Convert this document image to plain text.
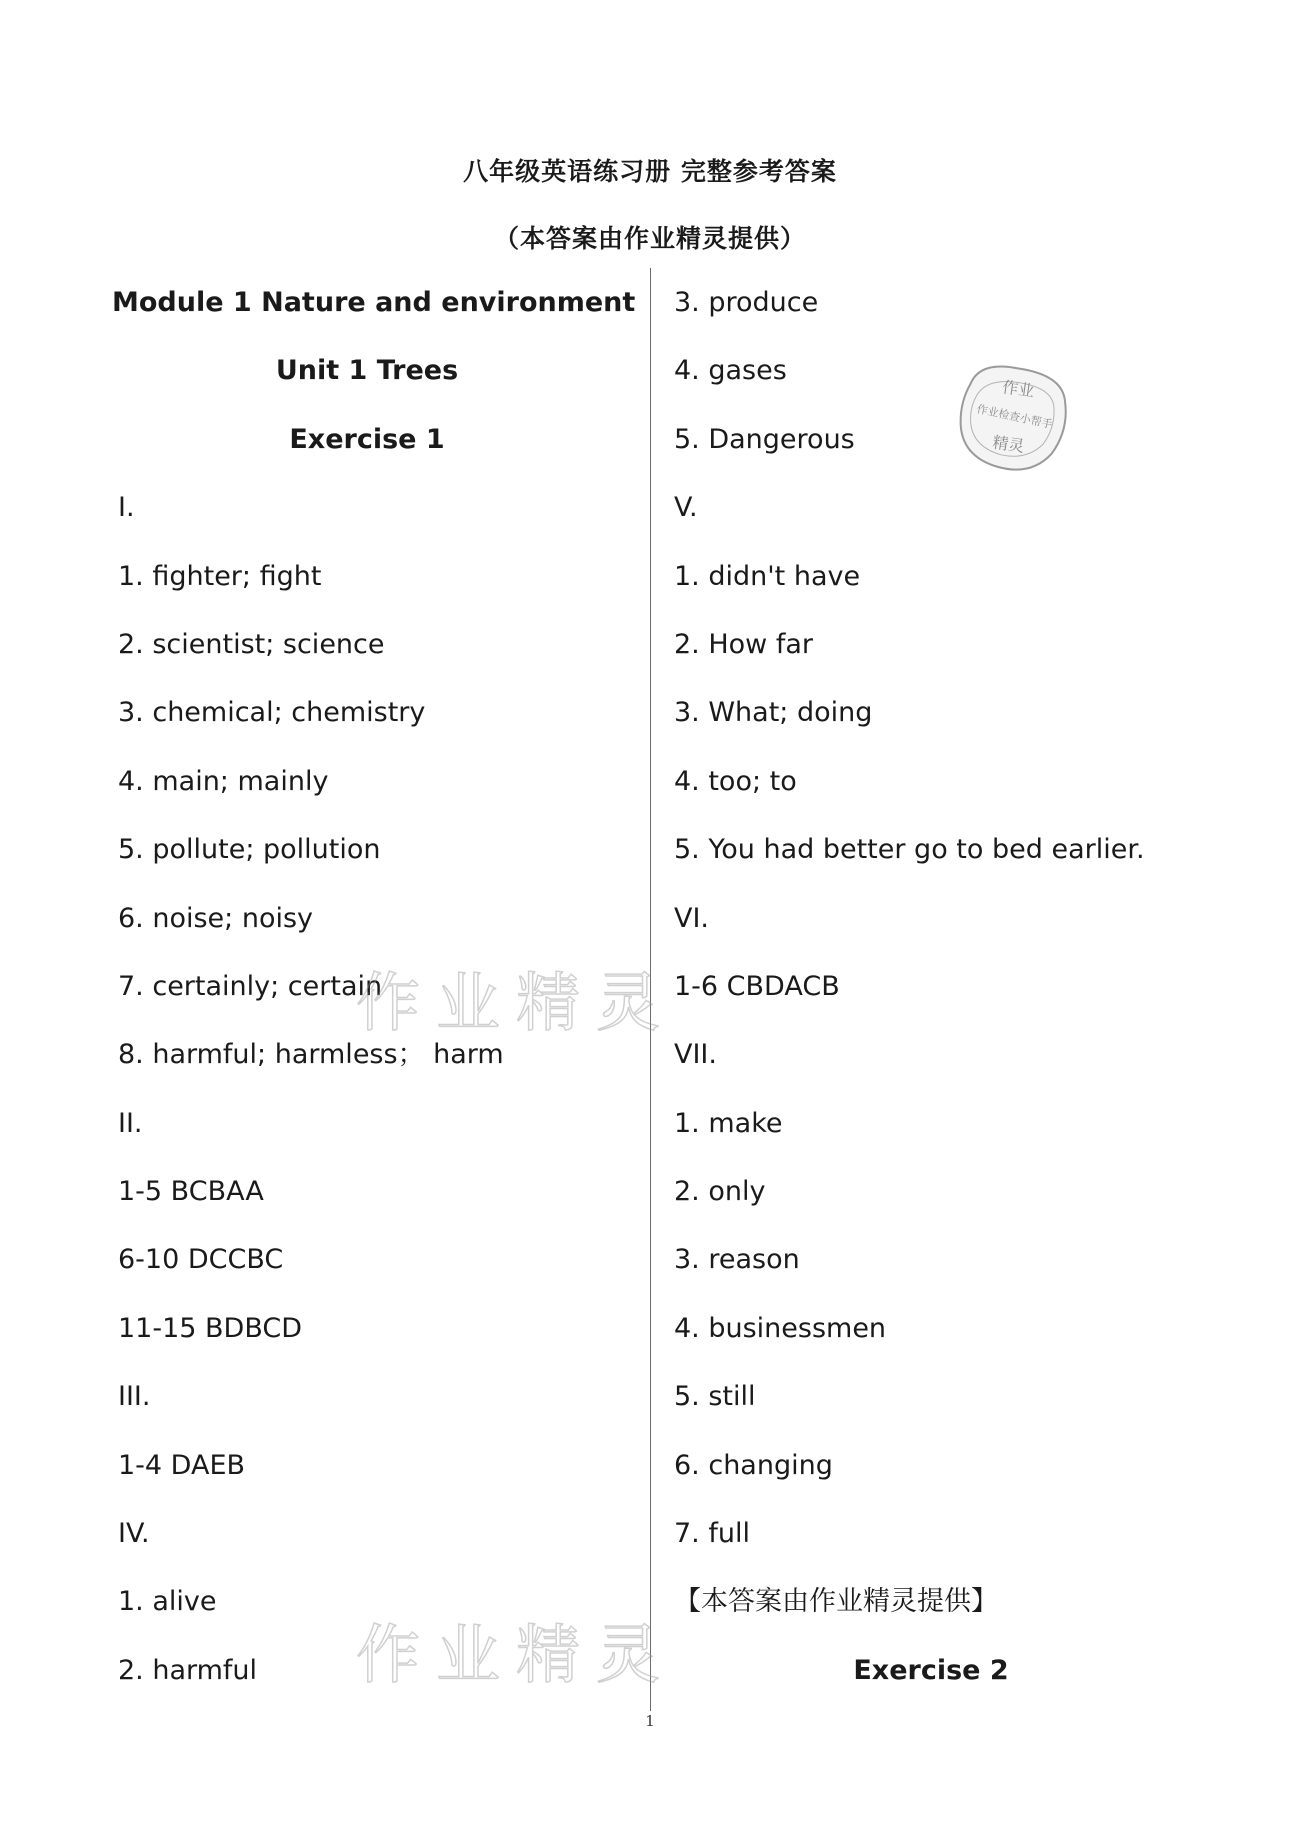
八年级英语练习册 完整参考答案
（本答案由作业精灵提供）
Module 1 Nature and environment
Unit 1 Trees
Exercise 1
Ⅰ.
1. fighter; fight
2. scientist; science
3. chemical; chemistry
4. main; mainly
5. pollute; pollution
6. noise; noisy
7. certainly; certain
8. harmful; harmless； harm
II.
1-5 BCBAA
6-10 DCCBC
11-15 BDBCD
III.
1-4 DAEB
IV.
1. alive
2. harmful
3. produce
4. gases
5. Dangerous
V.
1. didn't have
2. How far
3. What; doing
4. too; to
5. You had better go to bed earlier.
VI.
1-6 CBDACB
VII.
1. make
2. only
3. reason
4. businessmen
5. still
6. changing
7. full
【本答案由作业精灵提供】
Exercise 2
作业精灵
作业精灵
作业
作业检查小帮手
精灵
1
